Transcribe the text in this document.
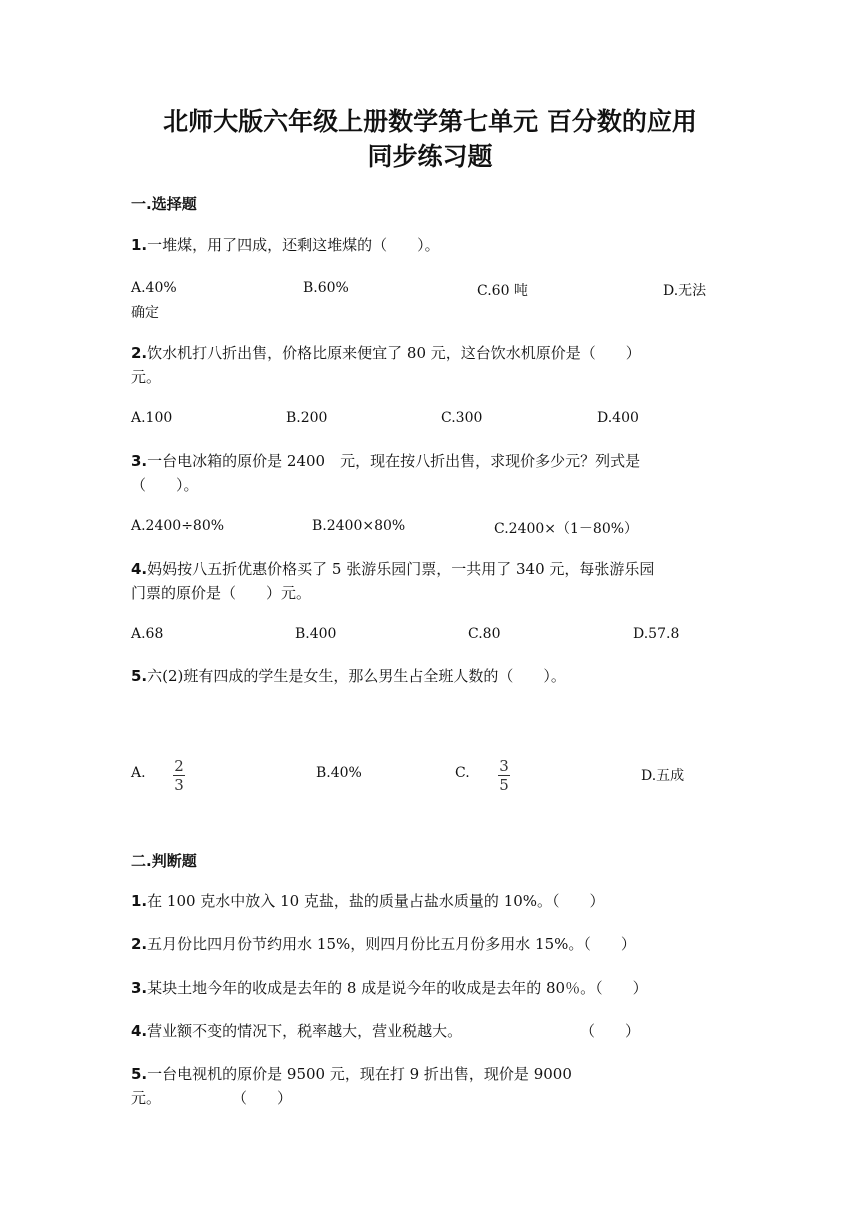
北师大版六年级上册数学第七单元 百分数的应用
同步练习题
一.选择题
1.一堆煤，用了四成，还剩这堆煤的（　　）。
A.40%	B.60%	C.60 吨	D.无法
确定
2.饮水机打八折出售，价格比原来便宜了 80 元，这台饮水机原价是（　　）
元。
A.100	B.200	C.300	D.400
3.一台电冰箱的原价是 2400　元，现在按八折出售，求现价多少元？列式是
（　　）。
A.2400÷80%	B.2400×80%	C.2400×（1－80%）
4.妈妈按八五折优惠价格买了 5 张游乐园门票，一共用了 340 元，每张游乐园
门票的原价是（　　）元。
A.68	B.400	C.80	D.57.8
5.六(2)班有四成的学生是女生，那么男生占全班人数的（　　）。
A. 2
3
B.40%	C. 3
5	D.五成
二.判断题
1.在 100 克水中放入 10 克盐，盐的质量占盐水质量的 10%。（　　）
2.五月份比四月份节约用水 15%，则四月份比五月份多用水 15%。（　　）
3.某块土地今年的收成是去年的 8 成是说今年的收成是去年的 80％。（　　）
4.营业额不变的情况下，税率越大，营业税越大。	（　　）
5.一台电视机的原价是 9500 元，现在打 9 折出售，现价是 9000
元。	（　　）
